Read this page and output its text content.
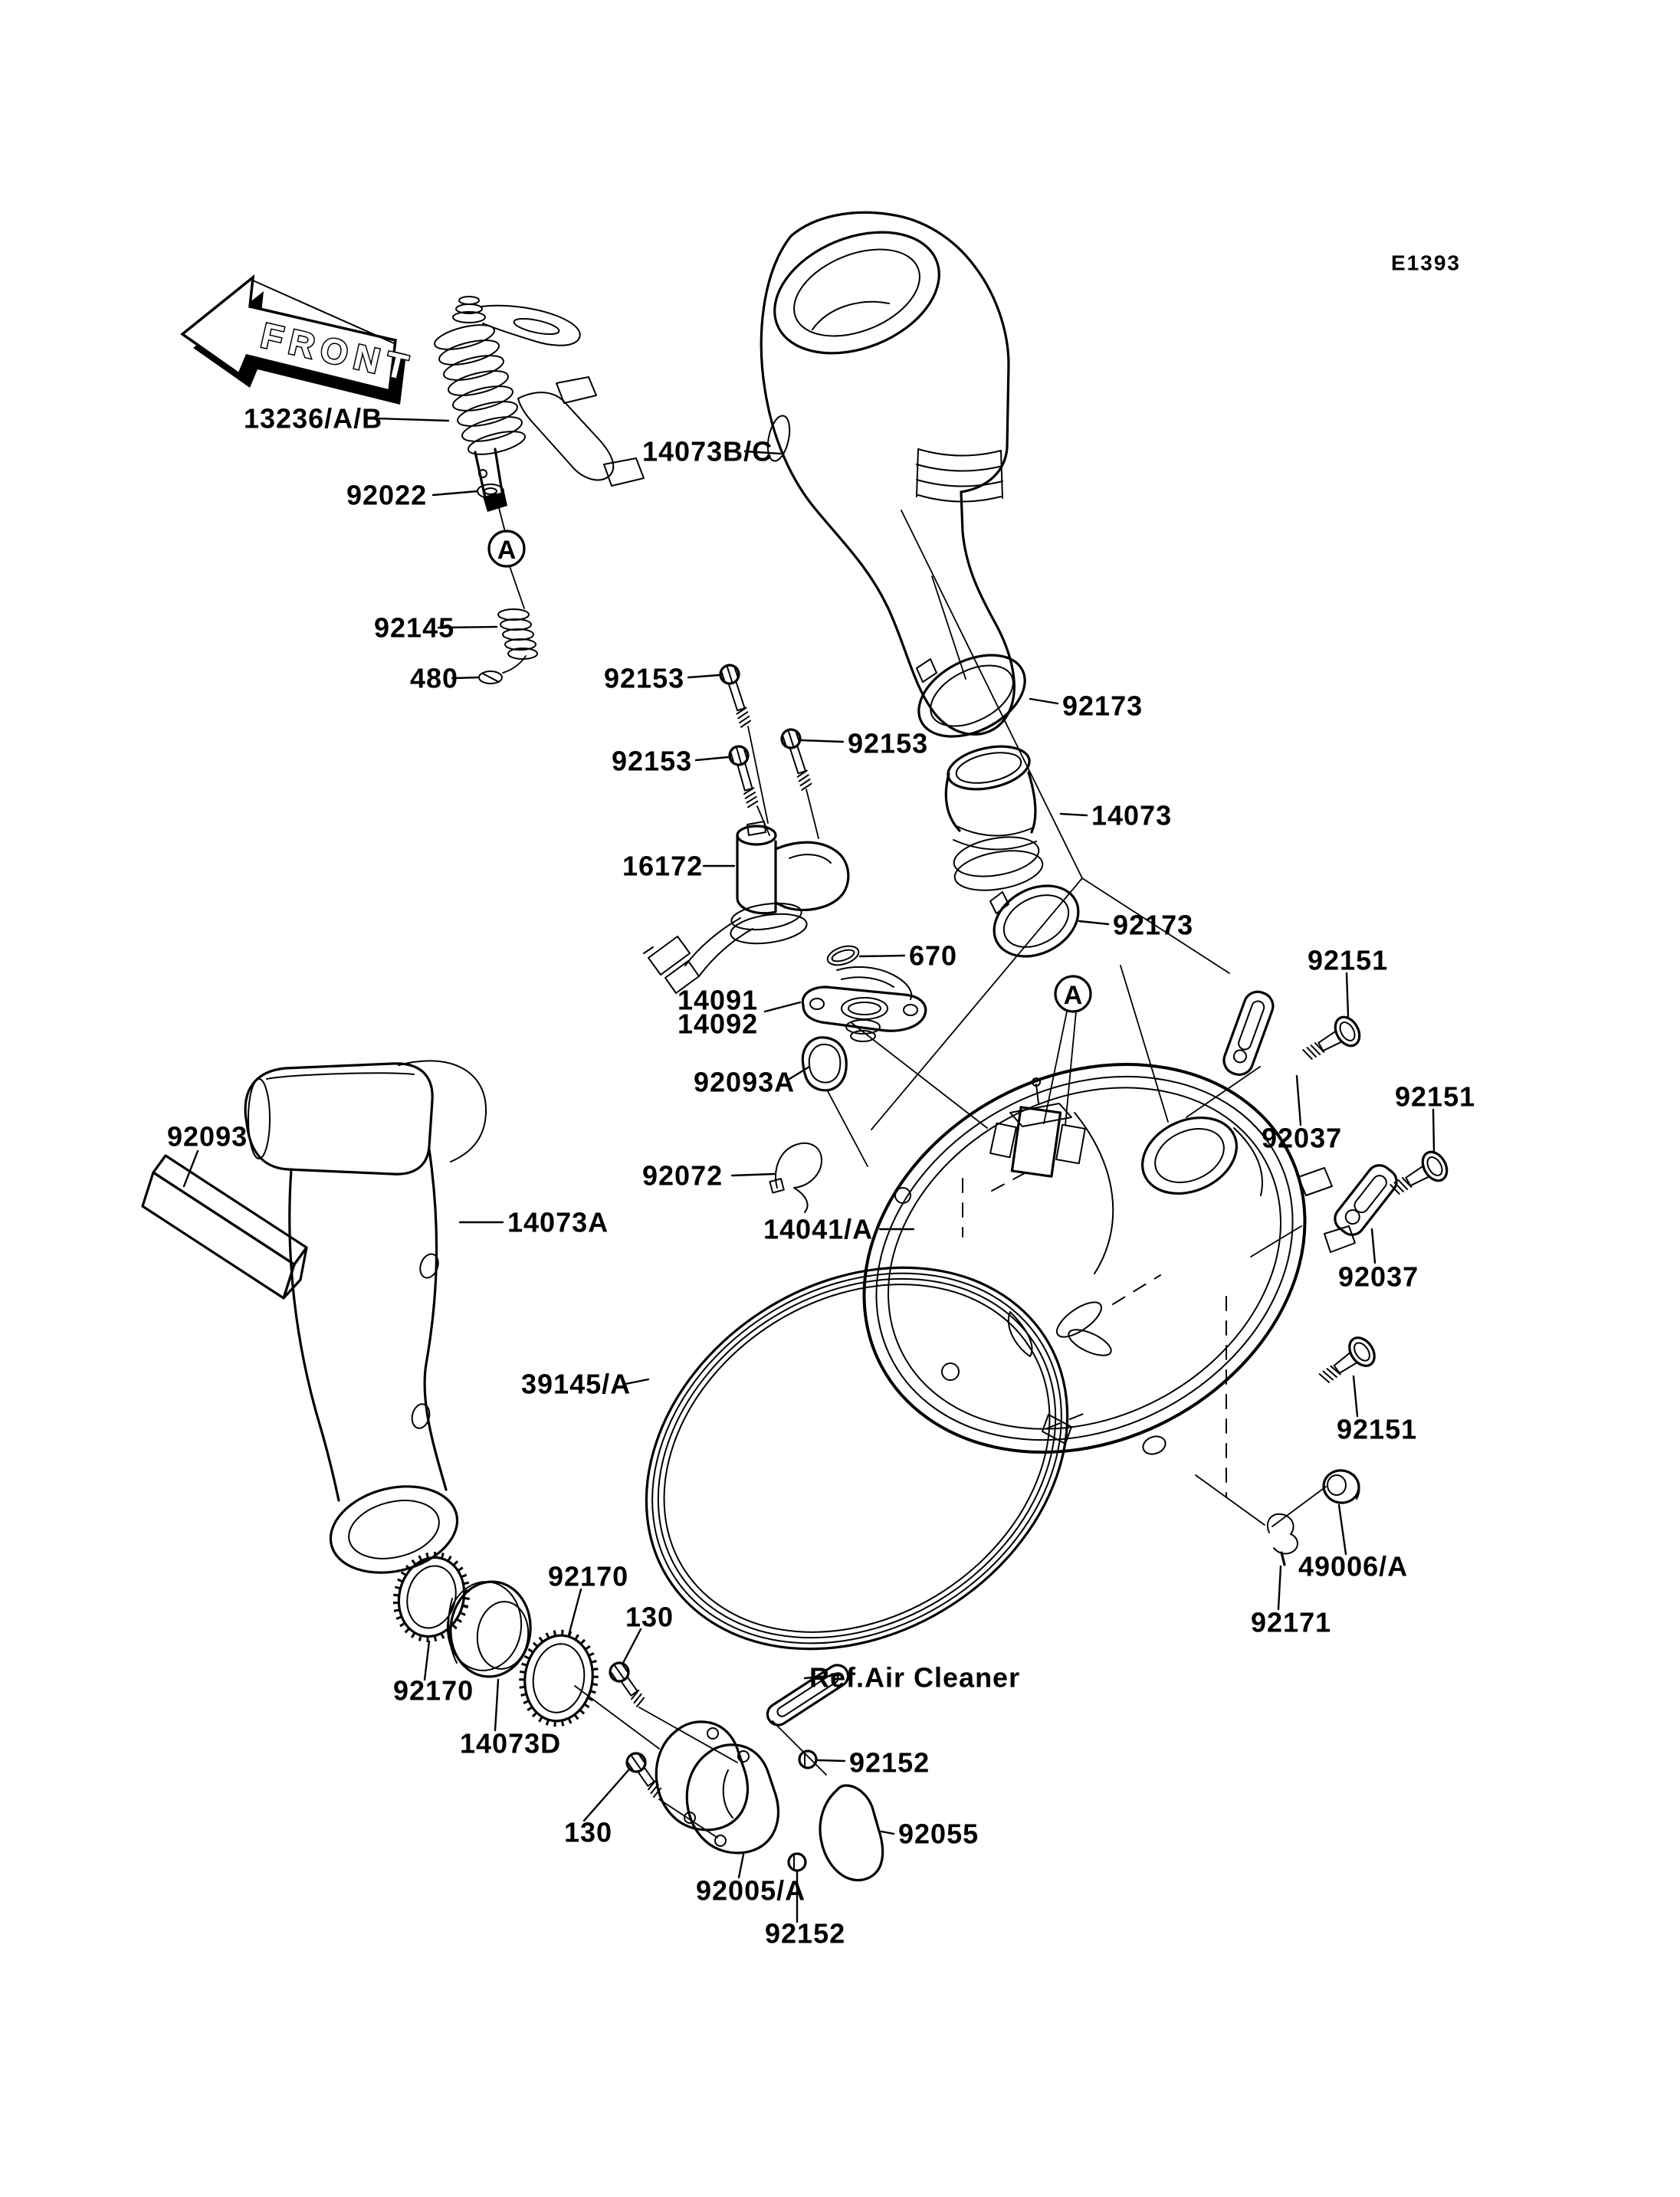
FRONT
E1393
A
A
13236/A/B
92022
92145
480
14073B/C
92153
92153
92153
16172
92173
14073
92173
670
14091
14092
92093A
92151
92151
92037
92037
92093
92072
14073A	14041/A
39145/A
92151
49006/A
92171
92170
130
Ref.Air Cleaner
92170
14073D
92152
92055
130
92005/A
92152
